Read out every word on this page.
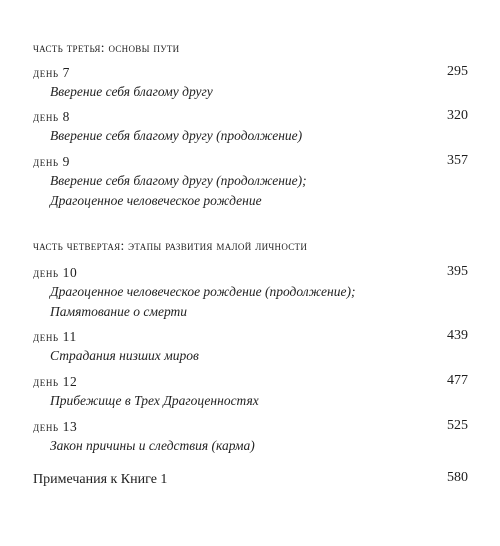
часть третья: основы пути
день 7	295
Вверение себя благому другу
день 8	320
Вверение себя благому другу (продолжение)
день 9	357
Вверение себя благому другу (продолжение);
Драгоценное человеческое рождение
часть четвертая: этапы развития малой личности
день 10	395
Драгоценное человеческое рождение (продолжение);
Памятование о смерти
день 11	439
Страдания низших миров
день 12	477
Прибежище в Трех Драгоценностях
день 13	525
Закон причины и следствия (карма)
Примечания к Книге 1	580
